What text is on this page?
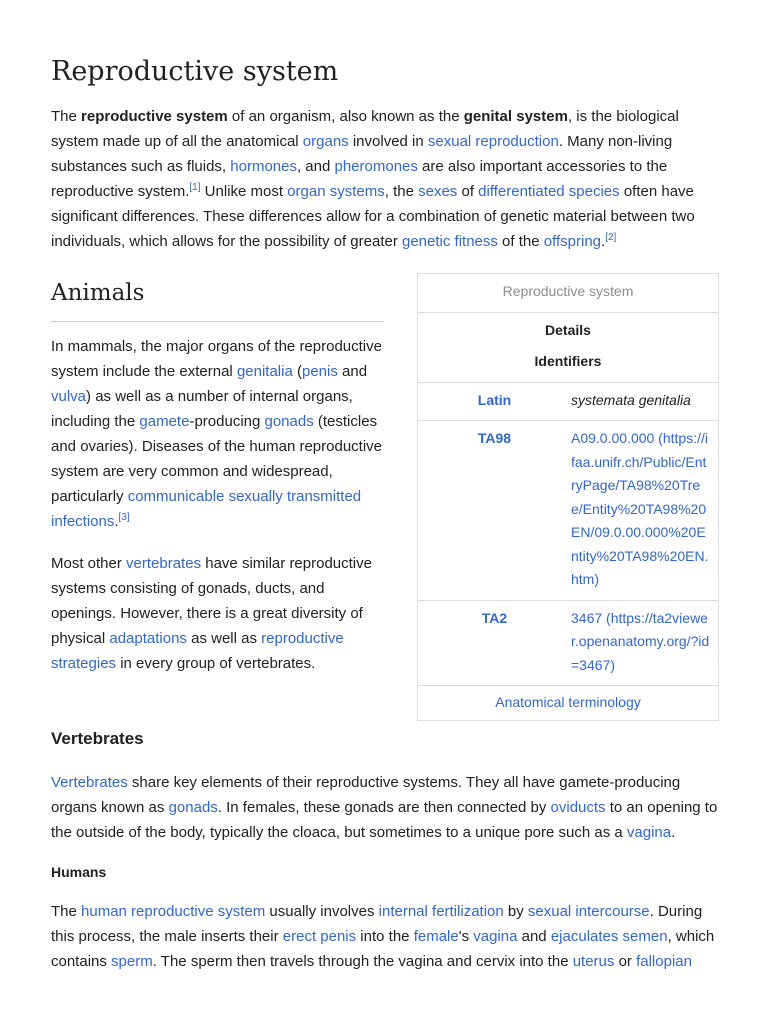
Reproductive system

The reproductive system of an organism, also known as the genital system, is the biological system made up of all the anatomical organs involved in sexual reproduction. Many non-living substances such as fluids, hormones, and pheromones are also important accessories to the reproductive system.[1] Unlike most organ systems, the sexes of differentiated species often have significant differences. These differences allow for a combination of genetic material between two individuals, which allows for the possibility of greater genetic fitness of the offspring.[2]

Animals

In mammals, the major organs of the reproductive system include the external genitalia (penis and vulva) as well as a number of internal organs, including the gamete-producing gonads (testicles and ovaries). Diseases of the human reproductive system are very common and widespread, particularly communicable sexually transmitted infections.[3]

Most other vertebrates have similar reproductive systems consisting of gonads, ducts, and openings. However, there is a great diversity of physical adaptations as well as reproductive strategies in every group of vertebrates.

Reproductive system
Details
Identifiers
Latin	systemata genitalia
TA98	A09.0.00.000 (https://ifaa.unifr.ch/Public/EntryPage/TA98%20Tree/Entity%20TA98%20EN/09.0.00.000%20Entity%20TA98%20EN.htm)
TA2	3467 (https://ta2viewer.openanatomy.org/?id=3467)
Anatomical terminology
Vertebrates

Vertebrates share key elements of their reproductive systems. They all have gamete-producing organs known as gonads. In females, these gonads are then connected by oviducts to an opening to the outside of the body, typically the cloaca, but sometimes to a unique pore such as a vagina.

Humans

The human reproductive system usually involves internal fertilization by sexual intercourse. During this process, the male inserts their erect penis into the female's vagina and ejaculates semen, which contains sperm. The sperm then travels through the vagina and cervix into the uterus or fallopian
